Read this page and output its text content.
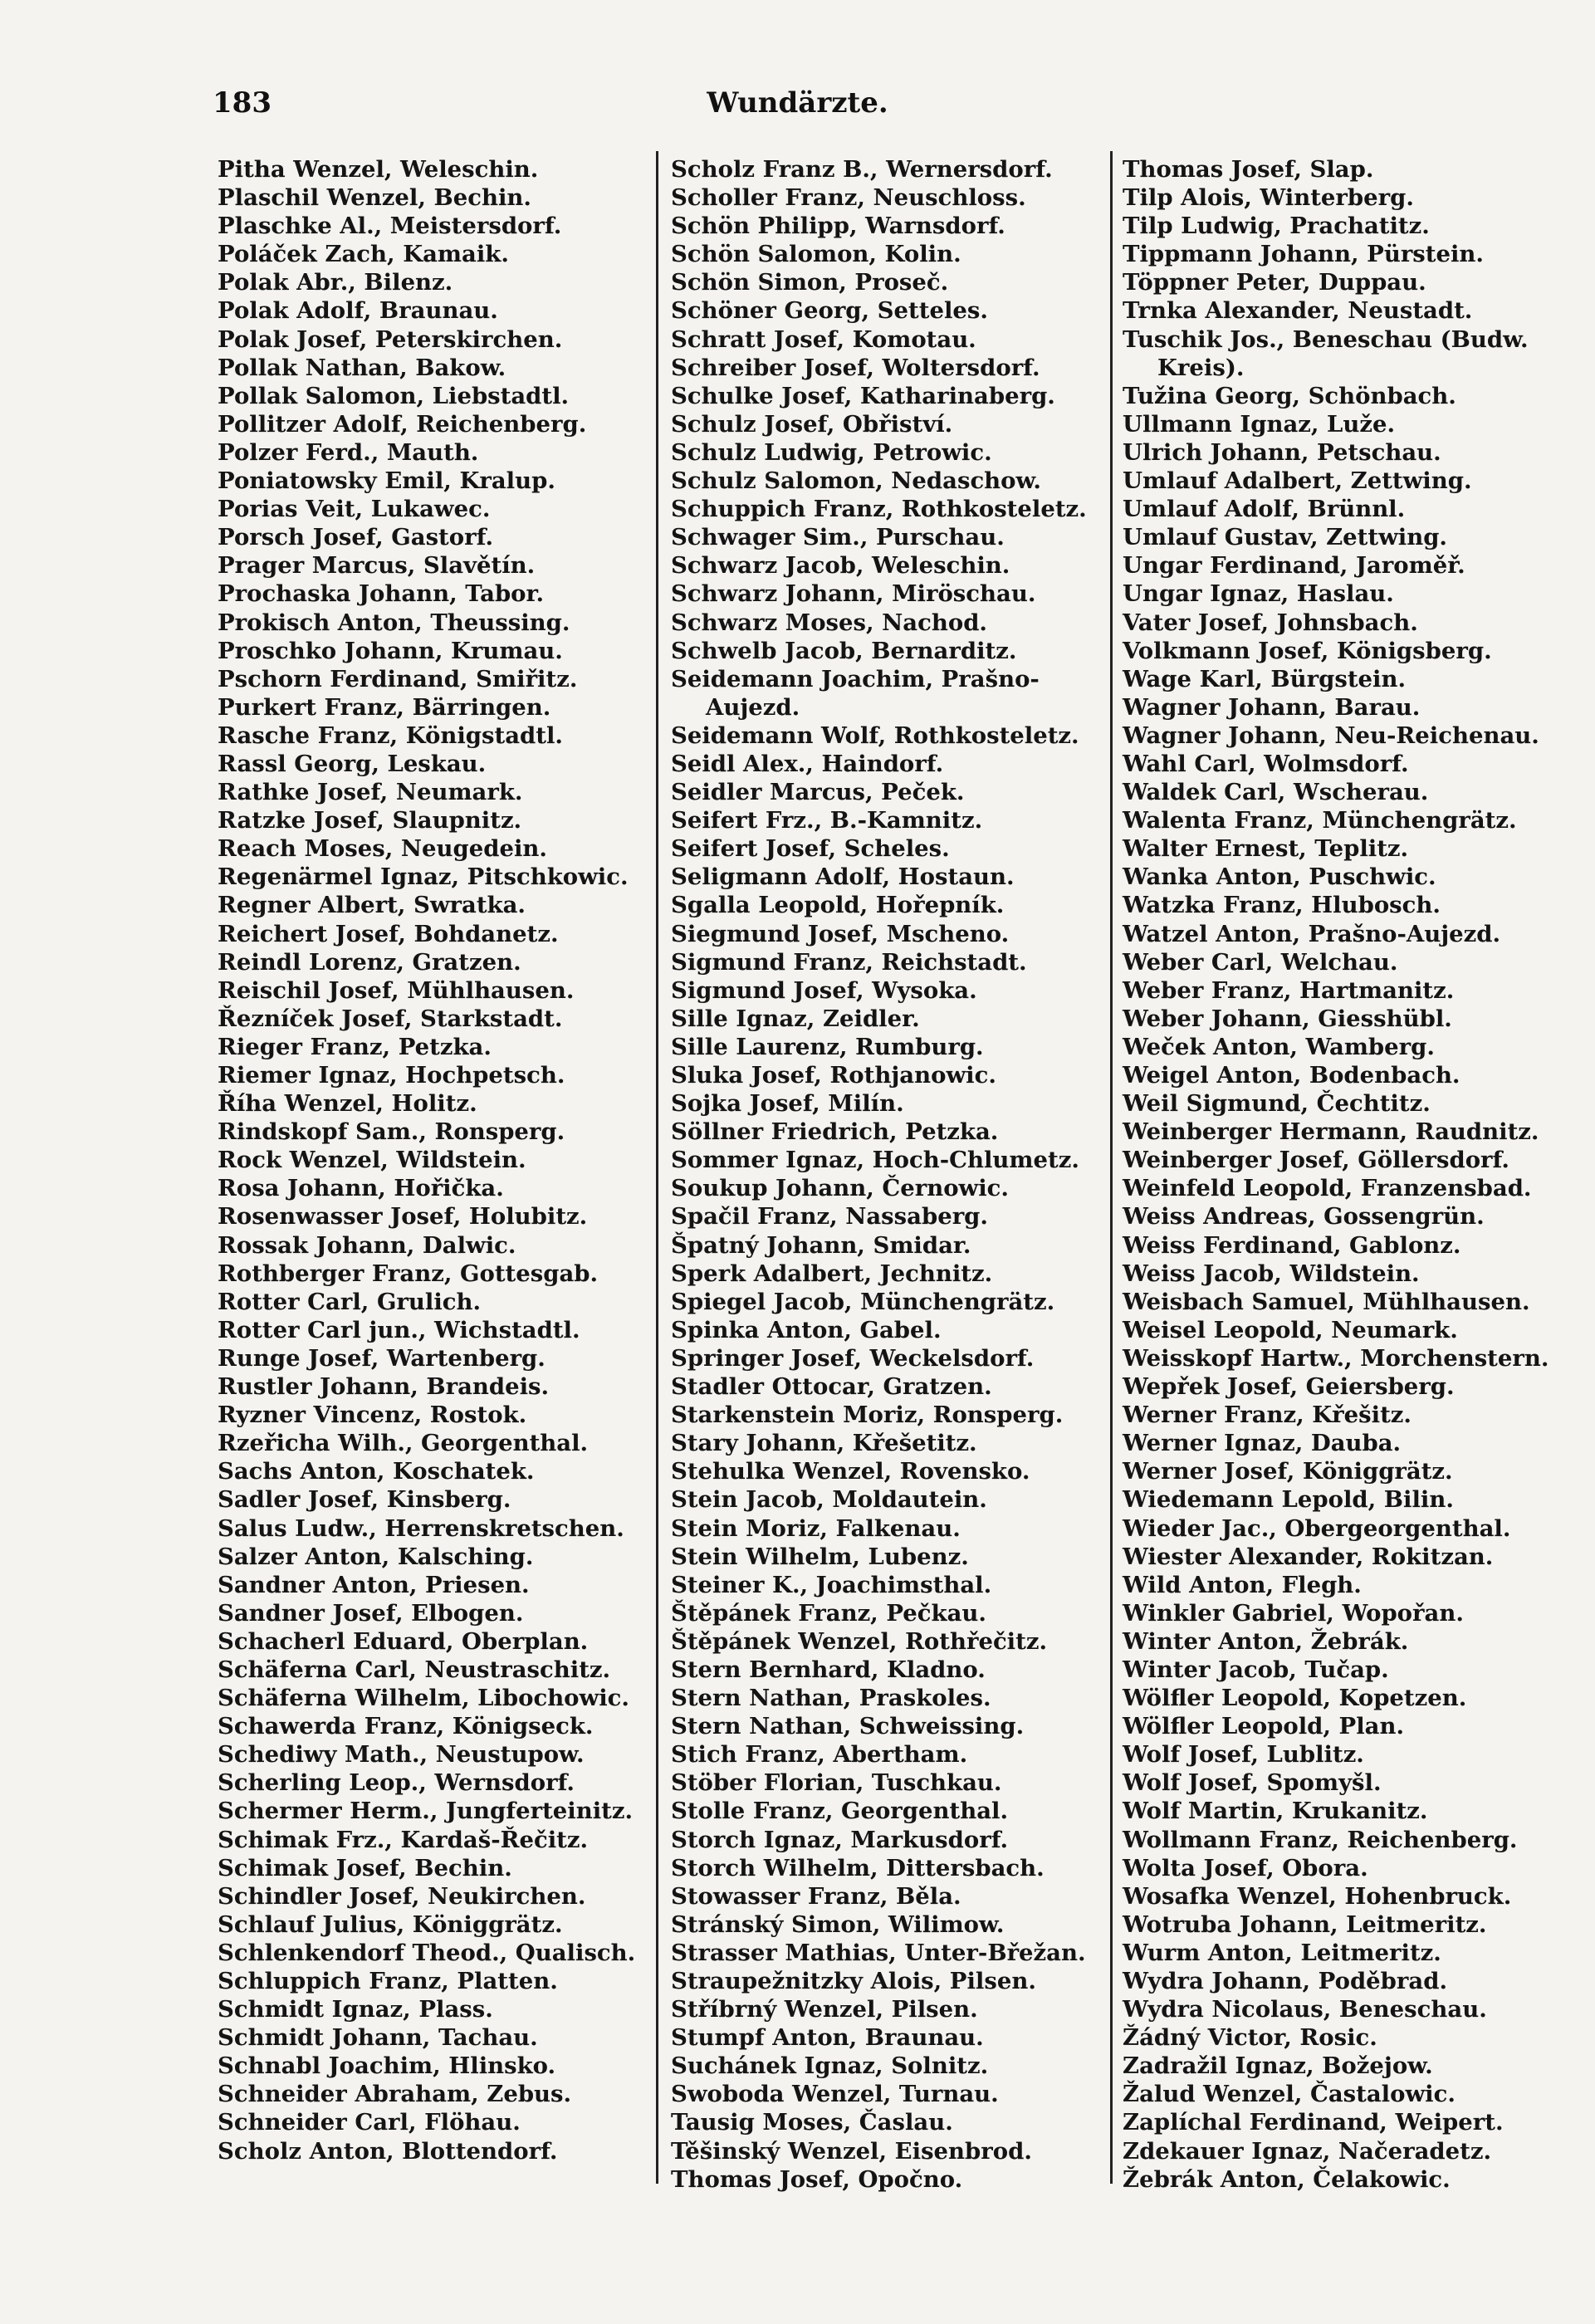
183	Wundärzte.
Pitha Wenzel, Weleschin.
Plaschil Wenzel, Bechin.
Plaschke Al., Meistersdorf.
Poláček Zach, Kamaik.
Polak Abr., Bilenz.
Polak Adolf, Braunau.
Polak Josef, Peterskirchen.
Pollak Nathan, Bakow.
Pollak Salomon, Liebstadtl.
Pollitzer Adolf, Reichenberg.
Polzer Ferd., Mauth.
Poniatowsky Emil, Kralup.
Porias Veit, Lukawec.
Porsch Josef, Gastorf.
Prager Marcus, Slavětín.
Prochaska Johann, Tabor.
Prokisch Anton, Theussing.
Proschko Johann, Krumau.
Pschorn Ferdinand, Smiřitz.
Purkert Franz, Bärringen.
Rasche Franz, Königstadtl.
Rassl Georg, Leskau.
Rathke Josef, Neumark.
Ratzke Josef, Slaupnitz.
Reach Moses, Neugedein.
Regenärmel Ignaz, Pitschkowic.
Regner Albert, Swratka.
Reichert Josef, Bohdanetz.
Reindl Lorenz, Gratzen.
Reischil Josef, Mühlhausen.
Řezníček Josef, Starkstadt.
Rieger Franz, Petzka.
Riemer Ignaz, Hochpetsch.
Říha Wenzel, Holitz.
Rindskopf Sam., Ronsperg.
Rock Wenzel, Wildstein.
Rosa Johann, Hořička.
Rosenwasser Josef, Holubitz.
Rossak Johann, Dalwic.
Rothberger Franz, Gottesgab.
Rotter Carl, Grulich.
Rotter Carl jun., Wichstadtl.
Runge Josef, Wartenberg.
Rustler Johann, Brandeis.
Ryzner Vincenz, Rostok.
Rzeřicha Wilh., Georgenthal.
Sachs Anton, Koschatek.
Sadler Josef, Kinsberg.
Salus Ludw., Herrenskretschen.
Salzer Anton, Kalsching.
Sandner Anton, Priesen.
Sandner Josef, Elbogen.
Schacherl Eduard, Oberplan.
Schäferna Carl, Neustraschitz.
Schäferna Wilhelm, Libochowic.
Schawerda Franz, Königseck.
Schediwy Math., Neustupow.
Scherling Leop., Wernsdorf.
Schermer Herm., Jungferteinitz.
Schimak Frz., Kardaš-Řečitz.
Schimak Josef, Bechin.
Schindler Josef, Neukirchen.
Schlauf Julius, Königgrätz.
Schlenkendorf Theod., Qualisch.
Schluppich Franz, Platten.
Schmidt Ignaz, Plass.
Schmidt Johann, Tachau.
Schnabl Joachim, Hlinsko.
Schneider Abraham, Zebus.
Schneider Carl, Flöhau.
Scholz Anton, Blottendorf.
Scholz Franz B., Wernersdorf.
Scholler Franz, Neuschloss.
Schön Philipp, Warnsdorf.
Schön Salomon, Kolin.
Schön Simon, Proseč.
Schöner Georg, Setteles.
Schratt Josef, Komotau.
Schreiber Josef, Woltersdorf.
Schulke Josef, Katharinaberg.
Schulz Josef, Obřiství.
Schulz Ludwig, Petrowic.
Schulz Salomon, Nedaschow.
Schuppich Franz, Rothkosteletz.
Schwager Sim., Purschau.
Schwarz Jacob, Weleschin.
Schwarz Johann, Miröschau.
Schwarz Moses, Nachod.
Schwelb Jacob, Bernarditz.
Seidemann Joachim, Prašno-Aujezd.
Seidemann Wolf, Rothkosteletz.
Seidl Alex., Haindorf.
Seidler Marcus, Peček.
Seifert Frz., B.-Kamnitz.
Seifert Josef, Scheles.
Seligmann Adolf, Hostaun.
Sgalla Leopold, Hořepník.
Siegmund Josef, Mscheno.
Sigmund Franz, Reichstadt.
Sigmund Josef, Wysoka.
Sille Ignaz, Zeidler.
Sille Laurenz, Rumburg.
Sluka Josef, Rothjanowic.
Sojka Josef, Milín.
Söllner Friedrich, Petzka.
Sommer Ignaz, Hoch-Chlumetz.
Soukup Johann, Černowic.
Spačil Franz, Nassaberg.
Špatný Johann, Smidar.
Sperk Adalbert, Jechnitz.
Spiegel Jacob, Münchengrätz.
Spinka Anton, Gabel.
Springer Josef, Weckelsdorf.
Stadler Ottocar, Gratzen.
Starkenstein Moriz, Ronsperg.
Stary Johann, Křešetitz.
Stehulka Wenzel, Rovensko.
Stein Jacob, Moldautein.
Stein Moriz, Falkenau.
Stein Wilhelm, Lubenz.
Steiner K., Joachimsthal.
Štěpánek Franz, Pečkau.
Štěpánek Wenzel, Rothřečitz.
Stern Bernhard, Kladno.
Stern Nathan, Praskoles.
Stern Nathan, Schweissing.
Stich Franz, Abertham.
Stöber Florian, Tuschkau.
Stolle Franz, Georgenthal.
Storch Ignaz, Markusdorf.
Storch Wilhelm, Dittersbach.
Stowasser Franz, Běla.
Stránský Simon, Wilimow.
Strasser Mathias, Unter-Břežan.
Straupežnitzky Alois, Pilsen.
Stříbrný Wenzel, Pilsen.
Stumpf Anton, Braunau.
Suchánek Ignaz, Solnitz.
Swoboda Wenzel, Turnau.
Tausig Moses, Časlau.
Těšinský Wenzel, Eisenbrod.
Thomas Josef, Opočno.
Thomas Josef, Slap.
Tilp Alois, Winterberg.
Tilp Ludwig, Prachatitz.
Tippmann Johann, Pürstein.
Töppner Peter, Duppau.
Trnka Alexander, Neustadt.
Tuschik Jos., Beneschau (Budw. Kreis).
Tužina Georg, Schönbach.
Ullmann Ignaz, Luže.
Ulrich Johann, Petschau.
Umlauf Adalbert, Zettwing.
Umlauf Adolf, Brünnl.
Umlauf Gustav, Zettwing.
Ungar Ferdinand, Jaroměř.
Ungar Ignaz, Haslau.
Vater Josef, Johnsbach.
Volkmann Josef, Königsberg.
Wage Karl, Bürgstein.
Wagner Johann, Barau.
Wagner Johann, Neu-Reichenau.
Wahl Carl, Wolmsdorf.
Waldek Carl, Wscherau.
Walenta Franz, Münchengrätz.
Walter Ernest, Teplitz.
Wanka Anton, Puschwic.
Watzka Franz, Hlubosch.
Watzel Anton, Prašno-Aujezd.
Weber Carl, Welchau.
Weber Franz, Hartmanitz.
Weber Johann, Giesshübl.
Weček Anton, Wamberg.
Weigel Anton, Bodenbach.
Weil Sigmund, Čechtitz.
Weinberger Hermann, Raudnitz.
Weinberger Josef, Göllersdorf.
Weinfeld Leopold, Franzensbad.
Weiss Andreas, Gossengrün.
Weiss Ferdinand, Gablonz.
Weiss Jacob, Wildstein.
Weisbach Samuel, Mühlhausen.
Weisel Leopold, Neumark.
Weisskopf Hartw., Morchenstern.
Wepřek Josef, Geiersberg.
Werner Franz, Křešitz.
Werner Ignaz, Dauba.
Werner Josef, Königgrätz.
Wiedemann Lepold, Bilin.
Wieder Jac., Obergeorgenthal.
Wiester Alexander, Rokitzan.
Wild Anton, Flegh.
Winkler Gabriel, Wopořan.
Winter Anton, Žebrák.
Winter Jacob, Tučap.
Wölfler Leopold, Kopetzen.
Wölfler Leopold, Plan.
Wolf Josef, Lublitz.
Wolf Josef, Spomyšl.
Wolf Martin, Krukanitz.
Wollmann Franz, Reichenberg.
Wolta Josef, Obora.
Wosafka Wenzel, Hohenbruck.
Wotruba Johann, Leitmeritz.
Wurm Anton, Leitmeritz.
Wydra Johann, Poděbrad.
Wydra Nicolaus, Beneschau.
Žádný Victor, Rosic.
Zadražil Ignaz, Božejow.
Žalud Wenzel, Častalowic.
Zaplíchal Ferdinand, Weipert.
Zdekauer Ignaz, Načeradetz.
Žebrák Anton, Čelakowic.
